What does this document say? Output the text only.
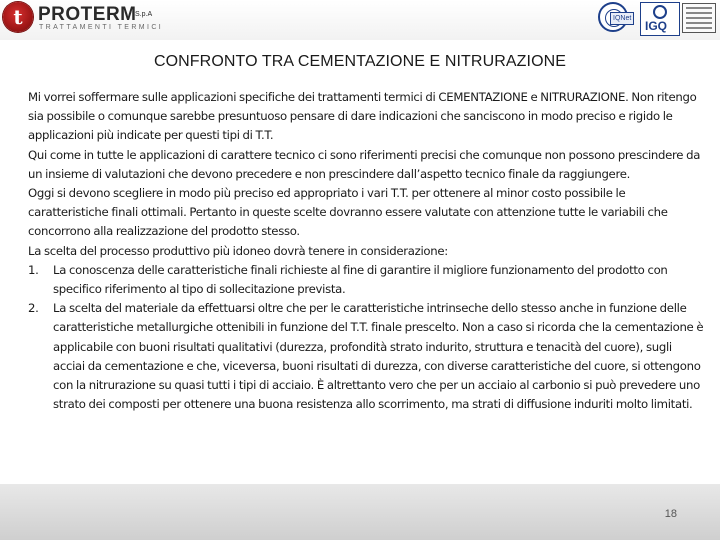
t PROTERM
S.p.A
TRATTAMENTI TERMICI
IQNet
IGQ
CONFRONTO TRA CEMENTAZIONE E NITRURAZIONE

Mi vorrei soffermare sulle applicazioni specifiche dei trattamenti termici di CEMENTAZIONE e NITRURAZIONE. Non ritengo sia possibile o comunque sarebbe presuntuoso pensare di dare indicazioni che sanciscono in modo preciso e rigido le applicazioni più indicate per questi tipi di T.T.

Qui come in tutte le applicazioni di carattere tecnico ci sono riferimenti precisi che comunque non possono prescindere da un insieme di valutazioni che devono precedere e non prescindere dall’aspetto tecnico finale da raggiungere.

Oggi si devono scegliere in modo più preciso ed appropriato i vari T.T. per ottenere al minor costo possibile le caratteristiche finali ottimali. Pertanto in queste scelte dovranno essere valutate con attenzione tutte le variabili che concorrono alla realizzazione del prodotto stesso.

La scelta del processo produttivo più idoneo dovrà tenere in considerazione:

1. La conoscenza delle caratteristiche finali richieste al fine di garantire il migliore funzionamento del prodotto con specifico riferimento al tipo di sollecitazione prevista.
2. La scelta del materiale da effettuarsi oltre che per le caratteristiche intrinseche dello stesso anche in funzione delle caratteristiche metallurgiche ottenibili in funzione del T.T. finale prescelto. Non a caso si ricorda che la cementazione è applicabile con buoni risultati qualitativi (durezza, profondità strato indurito, struttura e tenacità del cuore), sugli acciai da cementazione e che, viceversa, buoni risultati di durezza, con diverse caratteristiche del cuore, si ottengono con la nitrurazione su quasi tutti i tipi di acciaio. È altrettanto vero che per un acciaio al carbonio si può prevedere uno strato dei composti per ottenere una buona resistenza allo scorrimento, ma strati di diffusione induriti molto limitati.
18
